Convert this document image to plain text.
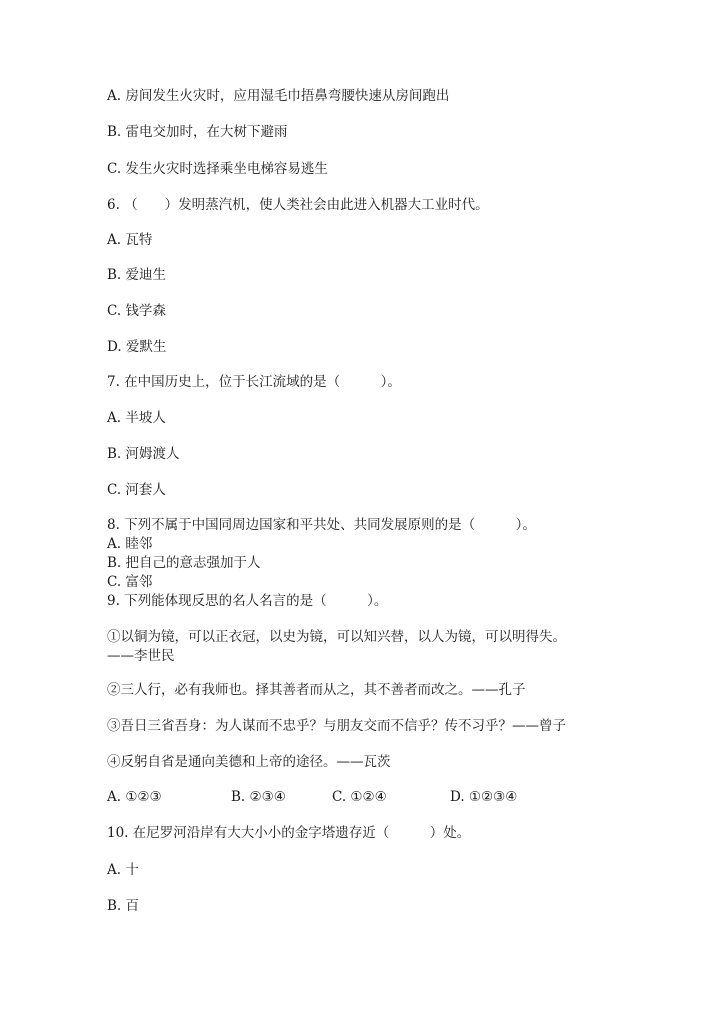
A. 房间发生火灾时，应用湿毛巾捂鼻弯腰快速从房间跑出
B. 雷电交加时，在大树下避雨
C. 发生火灾时选择乘坐电梯容易逃生
6. （　　）发明蒸汽机，使人类社会由此进入机器大工业时代。
A. 瓦特
B. 爱迪生
C. 钱学森
D. 爱默生
7. 在中国历史上，位于长江流域的是（　　　）。
A. 半坡人
B. 河姆渡人
C. 河套人
8. 下列不属于中国同周边国家和平共处、共同发展原则的是（　　　）。
A. 睦邻
B. 把自己的意志强加于人
C. 富邻
9. 下列能体现反思的名人名言的是（　　　）。
①以铜为镜，可以正衣冠，以史为镜，可以知兴替，以人为镜，可以明得失。
——李世民
②三人行，必有我师也。择其善者而从之，其不善者而改之。——孔子
③吾日三省吾身：为人谋而不忠乎？与朋友交而不信乎？传不习乎？——曾子
④反躬自省是通向美德和上帝的途径。——瓦茨
A. ①②③	B. ②③④	C. ①②④	D. ①②③④
10. 在尼罗河沿岸有大大小小的金字塔遗存近（　　　）处。
A. 十
B. 百
